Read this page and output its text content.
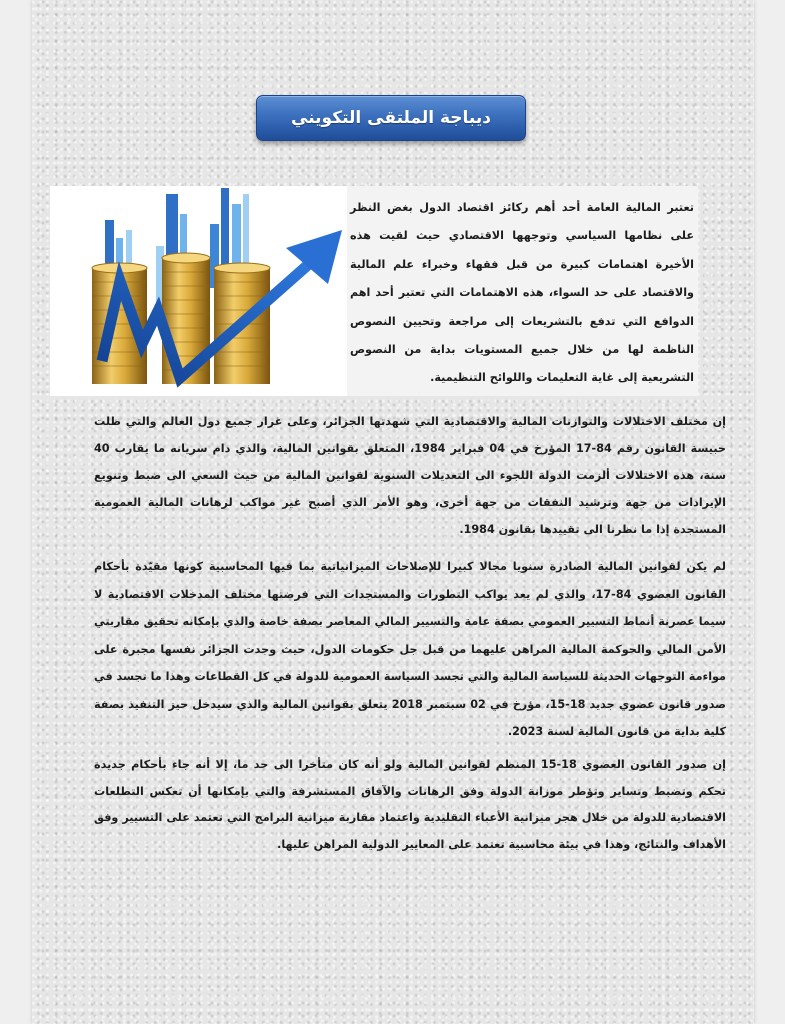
ديباجة الملتقى التكويني

تعتبر المالية العامة أحد أهم ركائز اقتصاد الدول بغض النظر على نظامها السياسي وتوجهها الاقتصادي حيث لقيت هذه الأخيرة اهتمامات كبيرة من قبل فقهاء وخبراء علم المالية والاقتصاد على حد السواء، هذه الاهتمامات التي تعتبر أحد اهم الدوافع التي تدفع بالتشريعات إلى مراجعة وتحيين النصوص الناظمة لها من خلال جميع المستويات بداية من النصوص التشريعية إلى غاية التعليمات واللوائح التنظيمية.

إن مختلف الاختلالات والتوازنات المالية والاقتصادية التي شهدتها الجزائر، وعلى غرار جميع دول العالم والتي ظلت حبيسة القانون رقم 84-17 المؤرخ في 04 فبراير 1984، المتعلق بقوانين المالية، والذي دام سريانه ما يقارب 40 سنة، هذه الاختلالات ألزمت الدولة اللجوء الى التعديلات السنوية لقوانين المالية من حيث السعي الى ضبط وتنويع الإيرادات من جهة وترشيد النفقات من جهة أخرى، وهو الأمر الذي أصبح غير مواكب لرهانات المالية العمومية المستجدة إذا ما نظرنا الى تقييدها بقانون 1984.

لم يكن لقوانين المالية الصادرة سنويا مجالا كبيرا للإصلاحات الميزانياتية بما فيها المحاسبية كونها مقيّدة بأحكام القانون العضوي 84-17، والذي لم يعد يواكب التطورات والمستجدات التي فرضتها مختلف المدخلات الاقتصادية لا سيما عصرنة أنماط التسيير العمومي بصفة عامة والتسيير المالي المعاصر بصفة خاصة والذي بإمكانه تحقيق مقاربتي الأمن المالي والحوكمة المالية المراهن عليهما من قبل جل حكومات الدول، حيث وجدت الجزائر نفسها مجبرة على مواءمة التوجهات الحديثة للسياسة المالية والتي تجسد السياسة العمومية للدولة في كل القطاعات وهذا ما تجسد في صدور قانون عضوي جديد 18-15، مؤرخ في 02 سبتمبر 2018 يتعلق بقوانين المالية والذي سيدخل حيز التنفيذ بصفة كلية بداية من قانون المالية لسنة 2023.

إن صدور القانون العضوي 18-15 المنظم لقوانين المالية ولو أنه كان متأخرا الى حد ما، إلا أنه جاء بأحكام جديدة تحكم وتضبط وتساير وتؤطر موزانة الدولة وفق الرهانات والآفاق المستشرفة والتي بإمكانها أن تعكس التطلعات الاقتصادية للدولة من خلال هجر ميزانية الأعباء التقليدية واعتماد مقاربة ميزانية البرامج التي تعتمد على التسيير وفق الأهداف والنتائج، وهذا في بيئة محاسبية تعتمد على المعايير الدولية المراهن عليها.
